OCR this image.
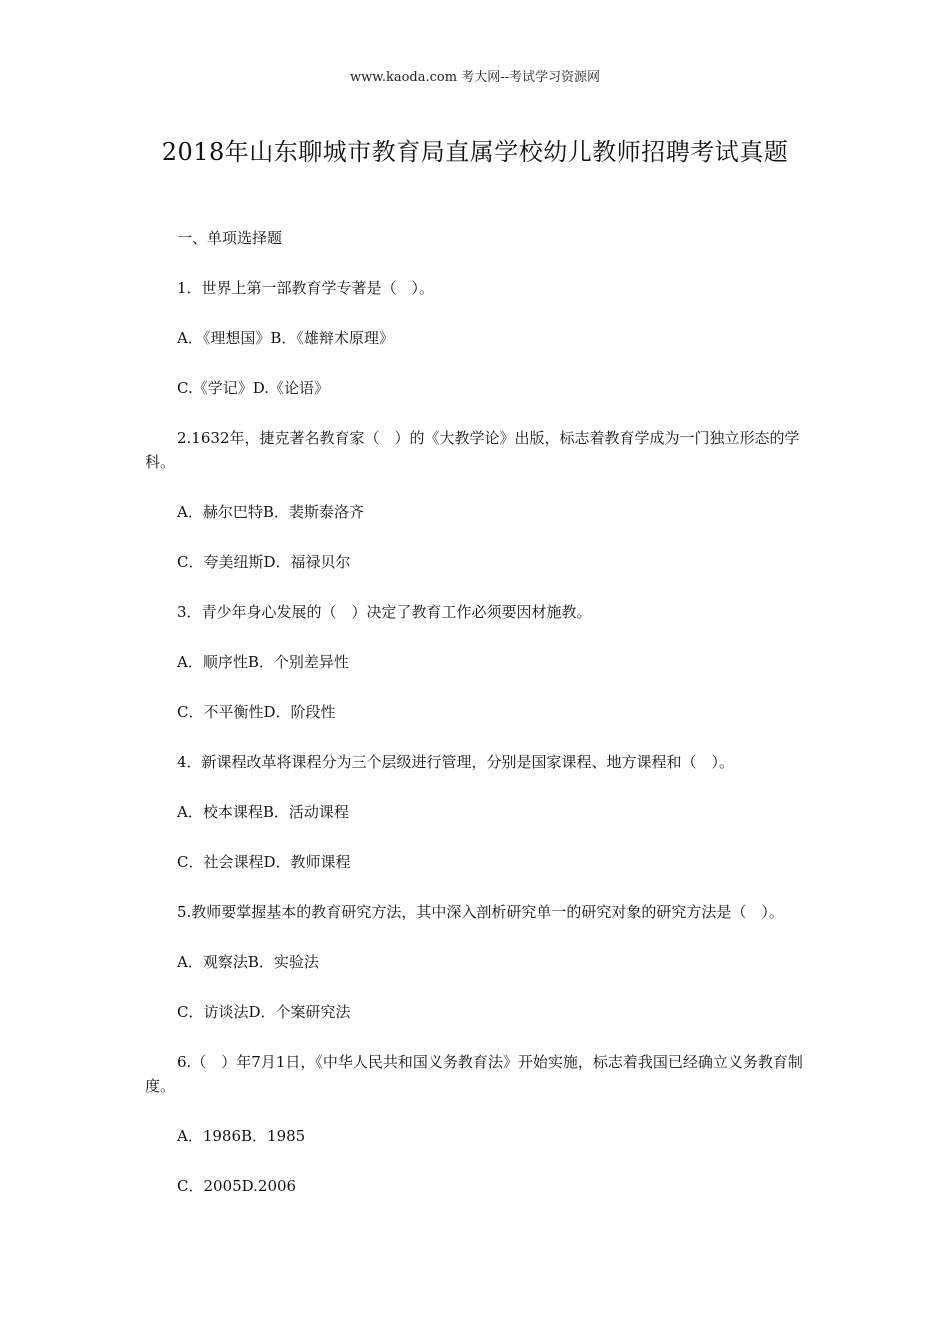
www.kaoda.com 考大网--考试学习资源网
2018年山东聊城市教育局直属学校幼儿教师招聘考试真题

一、单项选择题

1．世界上第一部教育学专著是（　）。

A．《理想国》B．《雄辩术原理》

C.《学记》D.《论语》

2.1632年，捷克著名教育家（　）的《大教学论》出版，标志着教育学成为一门独立形态的学科。

A．赫尔巴特B．裴斯泰洛齐

C．夸美纽斯D．福禄贝尔

3．青少年身心发展的（　）决定了教育工作必须要因材施教。

A．顺序性B．个别差异性

C．不平衡性D．阶段性

4．新课程改革将课程分为三个层级进行管理，分别是国家课程、地方课程和（　）。

A．校本课程B．活动课程

C．社会课程D．教师课程

5.教师要掌握基本的教育研究方法，其中深入剖析研究单一的研究对象的研究方法是（　）。

A．观察法B．实验法

C．访谈法D．个案研究法

6.（　）年7月1日，《中华人民共和国义务教育法》开始实施，标志着我国已经确立义务教育制度。

A．1986B．1985

C．2005D.2006
